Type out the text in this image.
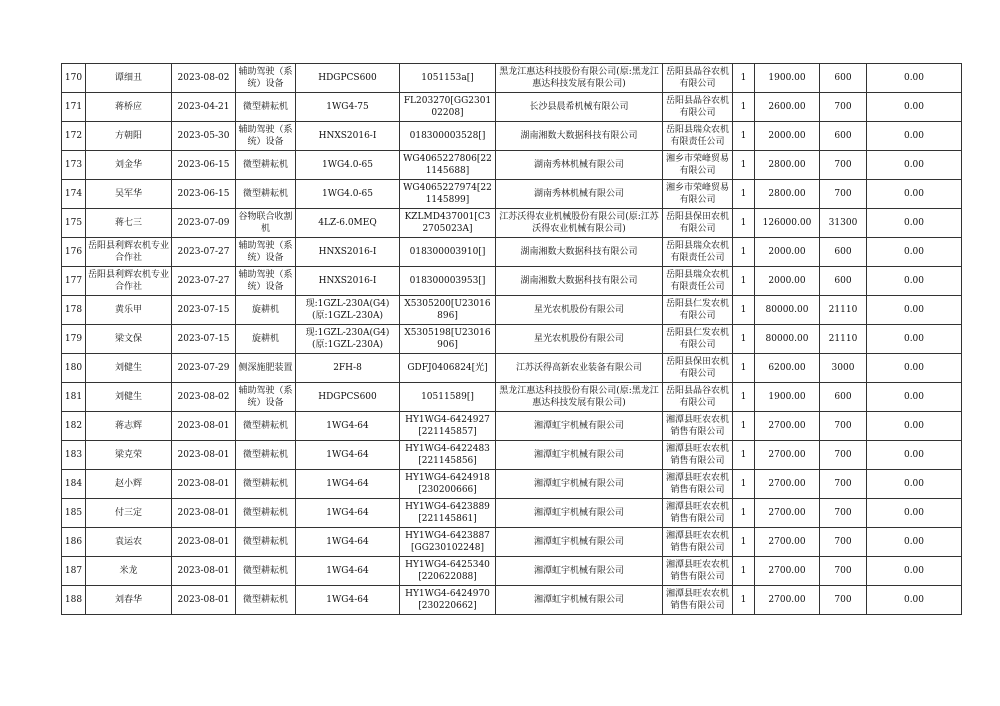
170	谭细丑	2023-08-02	辅助驾驶（系统）设备	HDGPCS600	1051153a[]	黑龙江惠达科技股份有限公司(原:黑龙江惠达科技发展有限公司)	岳阳县晶谷农机有限公司	1	1900.00	600	0.00
171	蒋桥应	2023-04-21	微型耕耘机	1WG4-75	FL203270[GG230102208]	长沙县晨希机械有限公司	岳阳县晶谷农机有限公司	1	2600.00	700	0.00
172	方朝阳	2023-05-30	辅助驾驶（系统）设备	HNXS2016-I	018300003528[]	湖南湘数大数据科技有限公司	岳阳县瑞众农机有限责任公司	1	2000.00	600	0.00
173	刘金华	2023-06-15	微型耕耘机	1WG4.0-65	WG4065227806[221145688]	湖南秀林机械有限公司	湘乡市荣峰贸易有限公司	1	2800.00	700	0.00
174	吴军华	2023-06-15	微型耕耘机	1WG4.0-65	WG4065227974[221145899]	湖南秀林机械有限公司	湘乡市荣峰贸易有限公司	1	2800.00	700	0.00
175	蒋七三	2023-07-09	谷物联合收割机	4LZ-6.0MEQ	KZLMD437001[C32705023A]	江苏沃得农业机械股份有限公司(原:江苏沃得农业机械有限公司)	岳阳县保田农机有限公司	1	126000.00	31300	0.00
176	岳阳县利辉农机专业合作社	2023-07-27	辅助驾驶（系统）设备	HNXS2016-I	018300003910[]	湖南湘数大数据科技有限公司	岳阳县瑞众农机有限责任公司	1	2000.00	600	0.00
177	岳阳县利辉农机专业合作社	2023-07-27	辅助驾驶（系统）设备	HNXS2016-I	018300003953[]	湖南湘数大数据科技有限公司	岳阳县瑞众农机有限责任公司	1	2000.00	600	0.00
178	黄乐甲	2023-07-15	旋耕机	现:1GZL-230A(G4)(原:1GZL-230A)	X5305200[U23016896]	星光农机股份有限公司	岳阳县仁发农机有限公司	1	80000.00	21110	0.00
179	梁文保	2023-07-15	旋耕机	现:1GZL-230A(G4)(原:1GZL-230A)	X5305198[U23016906]	星光农机股份有限公司	岳阳县仁发农机有限公司	1	80000.00	21110	0.00
180	刘健生	2023-07-29	侧深施肥装置	2FH-8	GDFJ0406824[光]	江苏沃得高新农业装备有限公司	岳阳县保田农机有限公司	1	6200.00	3000	0.00
181	刘健生	2023-08-02	辅助驾驶（系统）设备	HDGPCS600	10511589[]	黑龙江惠达科技股份有限公司(原:黑龙江惠达科技发展有限公司)	岳阳县晶谷农机有限公司	1	1900.00	600	0.00
182	蒋志辉	2023-08-01	微型耕耘机	1WG4-64	HY1WG4-6424927[221145857]	湘潭虹宇机械有限公司	湘潭县旺农农机销售有限公司	1	2700.00	700	0.00
183	梁克荣	2023-08-01	微型耕耘机	1WG4-64	HY1WG4-6422483[221145856]	湘潭虹宇机械有限公司	湘潭县旺农农机销售有限公司	1	2700.00	700	0.00
184	赵小辉	2023-08-01	微型耕耘机	1WG4-64	HY1WG4-6424918[230200666]	湘潭虹宇机械有限公司	湘潭县旺农农机销售有限公司	1	2700.00	700	0.00
185	付三定	2023-08-01	微型耕耘机	1WG4-64	HY1WG4-6423889[221145861]	湘潭虹宇机械有限公司	湘潭县旺农农机销售有限公司	1	2700.00	700	0.00
186	袁运农	2023-08-01	微型耕耘机	1WG4-64	HY1WG4-6423887[GG230102248]	湘潭虹宇机械有限公司	湘潭县旺农农机销售有限公司	1	2700.00	700	0.00
187	米龙	2023-08-01	微型耕耘机	1WG4-64	HY1WG4-6425340[220622088]	湘潭虹宇机械有限公司	湘潭县旺农农机销售有限公司	1	2700.00	700	0.00
188	刘春华	2023-08-01	微型耕耘机	1WG4-64	HY1WG4-6424970[230220662]	湘潭虹宇机械有限公司	湘潭县旺农农机销售有限公司	1	2700.00	700	0.00
